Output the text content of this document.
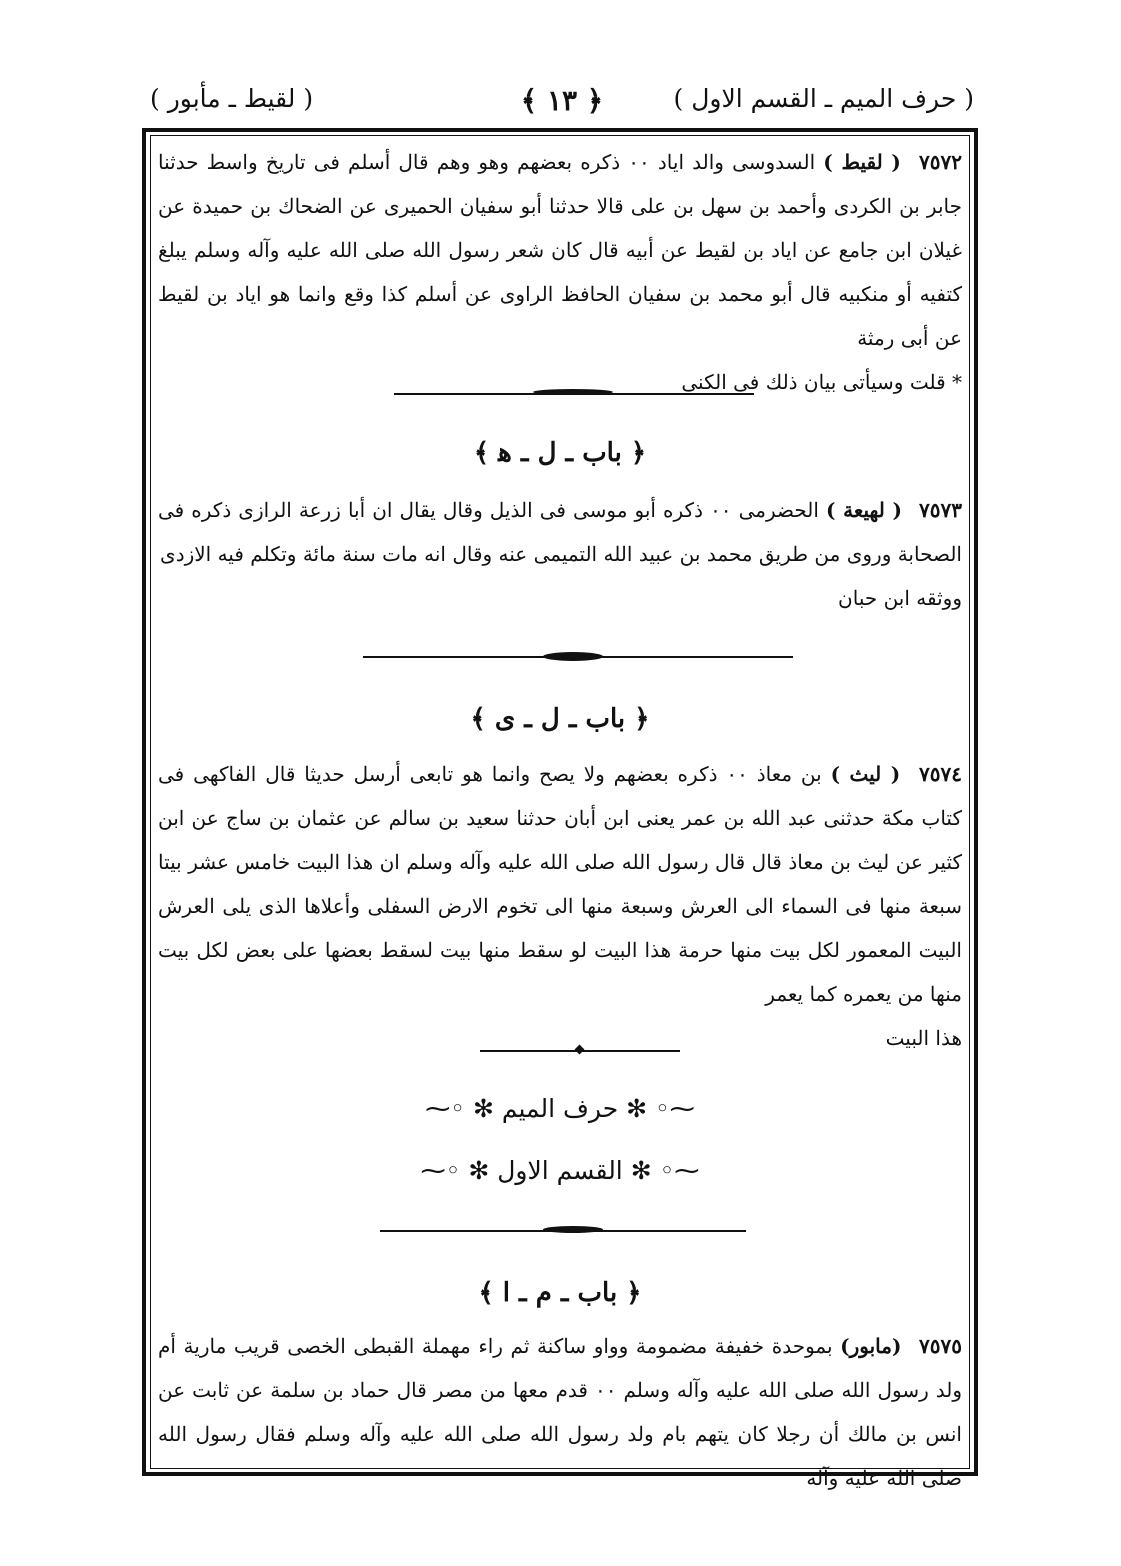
( حرف الميم ـ القسم الاول )
﴿ ١٣ ﴾
( لقيط ـ مأبور )
٧٥٧٢ ( لقيط ) السدوسى والد اياد ٠٠ ذكره بعضهم وهو وهم قال أسلم فى تاريخ واسط حدثنا جابر بن الكردى وأحمد بن سهل بن على قالا حدثنا أبو سفيان الحميرى عن الضحاك بن حميدة عن غيلان ابن جامع عن اياد بن لقيط عن أبيه قال كان شعر رسول الله صلى الله عليه وآله وسلم يبلغ كتفيه أو منكبيه قال أبو محمد بن سفيان الحافظ الراوى عن أسلم كذا وقع وانما هو اياد بن لقيط عن أبى رمثة
* قلت وسيأتى بيان ذلك فى الكنى
﴿ باب ـ ل ـ ﻫ ﴾
٧٥٧٣ ( لهيعة ) الحضرمى ٠٠ ذكره أبو موسى فى الذيل وقال يقال ان أبا زرعة الرازى ذكره فى الصحابة وروى من طريق محمد بن عبيد الله التميمى عنه وقال انه مات سنة مائة وتكلم فيه الازدى
ووثقه ابن حبان
﴿ باب ـ ل ـ ى ﴾
٧٥٧٤ ( ليث ) بن معاذ ٠٠ ذكره بعضهم ولا يصح وانما هو تابعى أرسل حديثا قال الفاكهى فى كتاب مكة حدثنى عبد الله بن عمر يعنى ابن أبان حدثنا سعيد بن سالم عن عثمان بن ساج عن ابن كثير عن ليث بن معاذ قال قال رسول الله صلى الله عليه وآله وسلم ان هذا البيت خامس عشر بيتا سبعة منها فى السماء الى العرش وسبعة منها الى تخوم الارض السفلى وأعلاها الذى يلى العرش البيت المعمور لكل بيت منها حرمة هذا البيت لو سقط منها بيت لسقط بعضها على بعض لكل بيت منها من يعمره كما يعمر
هذا البيت
⁓◦ ✻ حرف الميم ✻ ◦⁓
⁓◦ ✻ القسم الاول ✻ ◦⁓
﴿ باب ـ م ـ ا ﴾
٧٥٧٥ (مابور) بموحدة خفيفة مضمومة وواو ساكنة ثم راء مهملة القبطى الخصى قريب مارية أم ولد رسول الله صلى الله عليه وآله وسلم ٠٠ قدم معها من مصر قال حماد بن سلمة عن ثابت عن انس بن مالك أن رجلا كان يتهم بام ولد رسول الله صلى الله عليه وآله وسلم فقال رسول الله صلى الله عليه وآله
